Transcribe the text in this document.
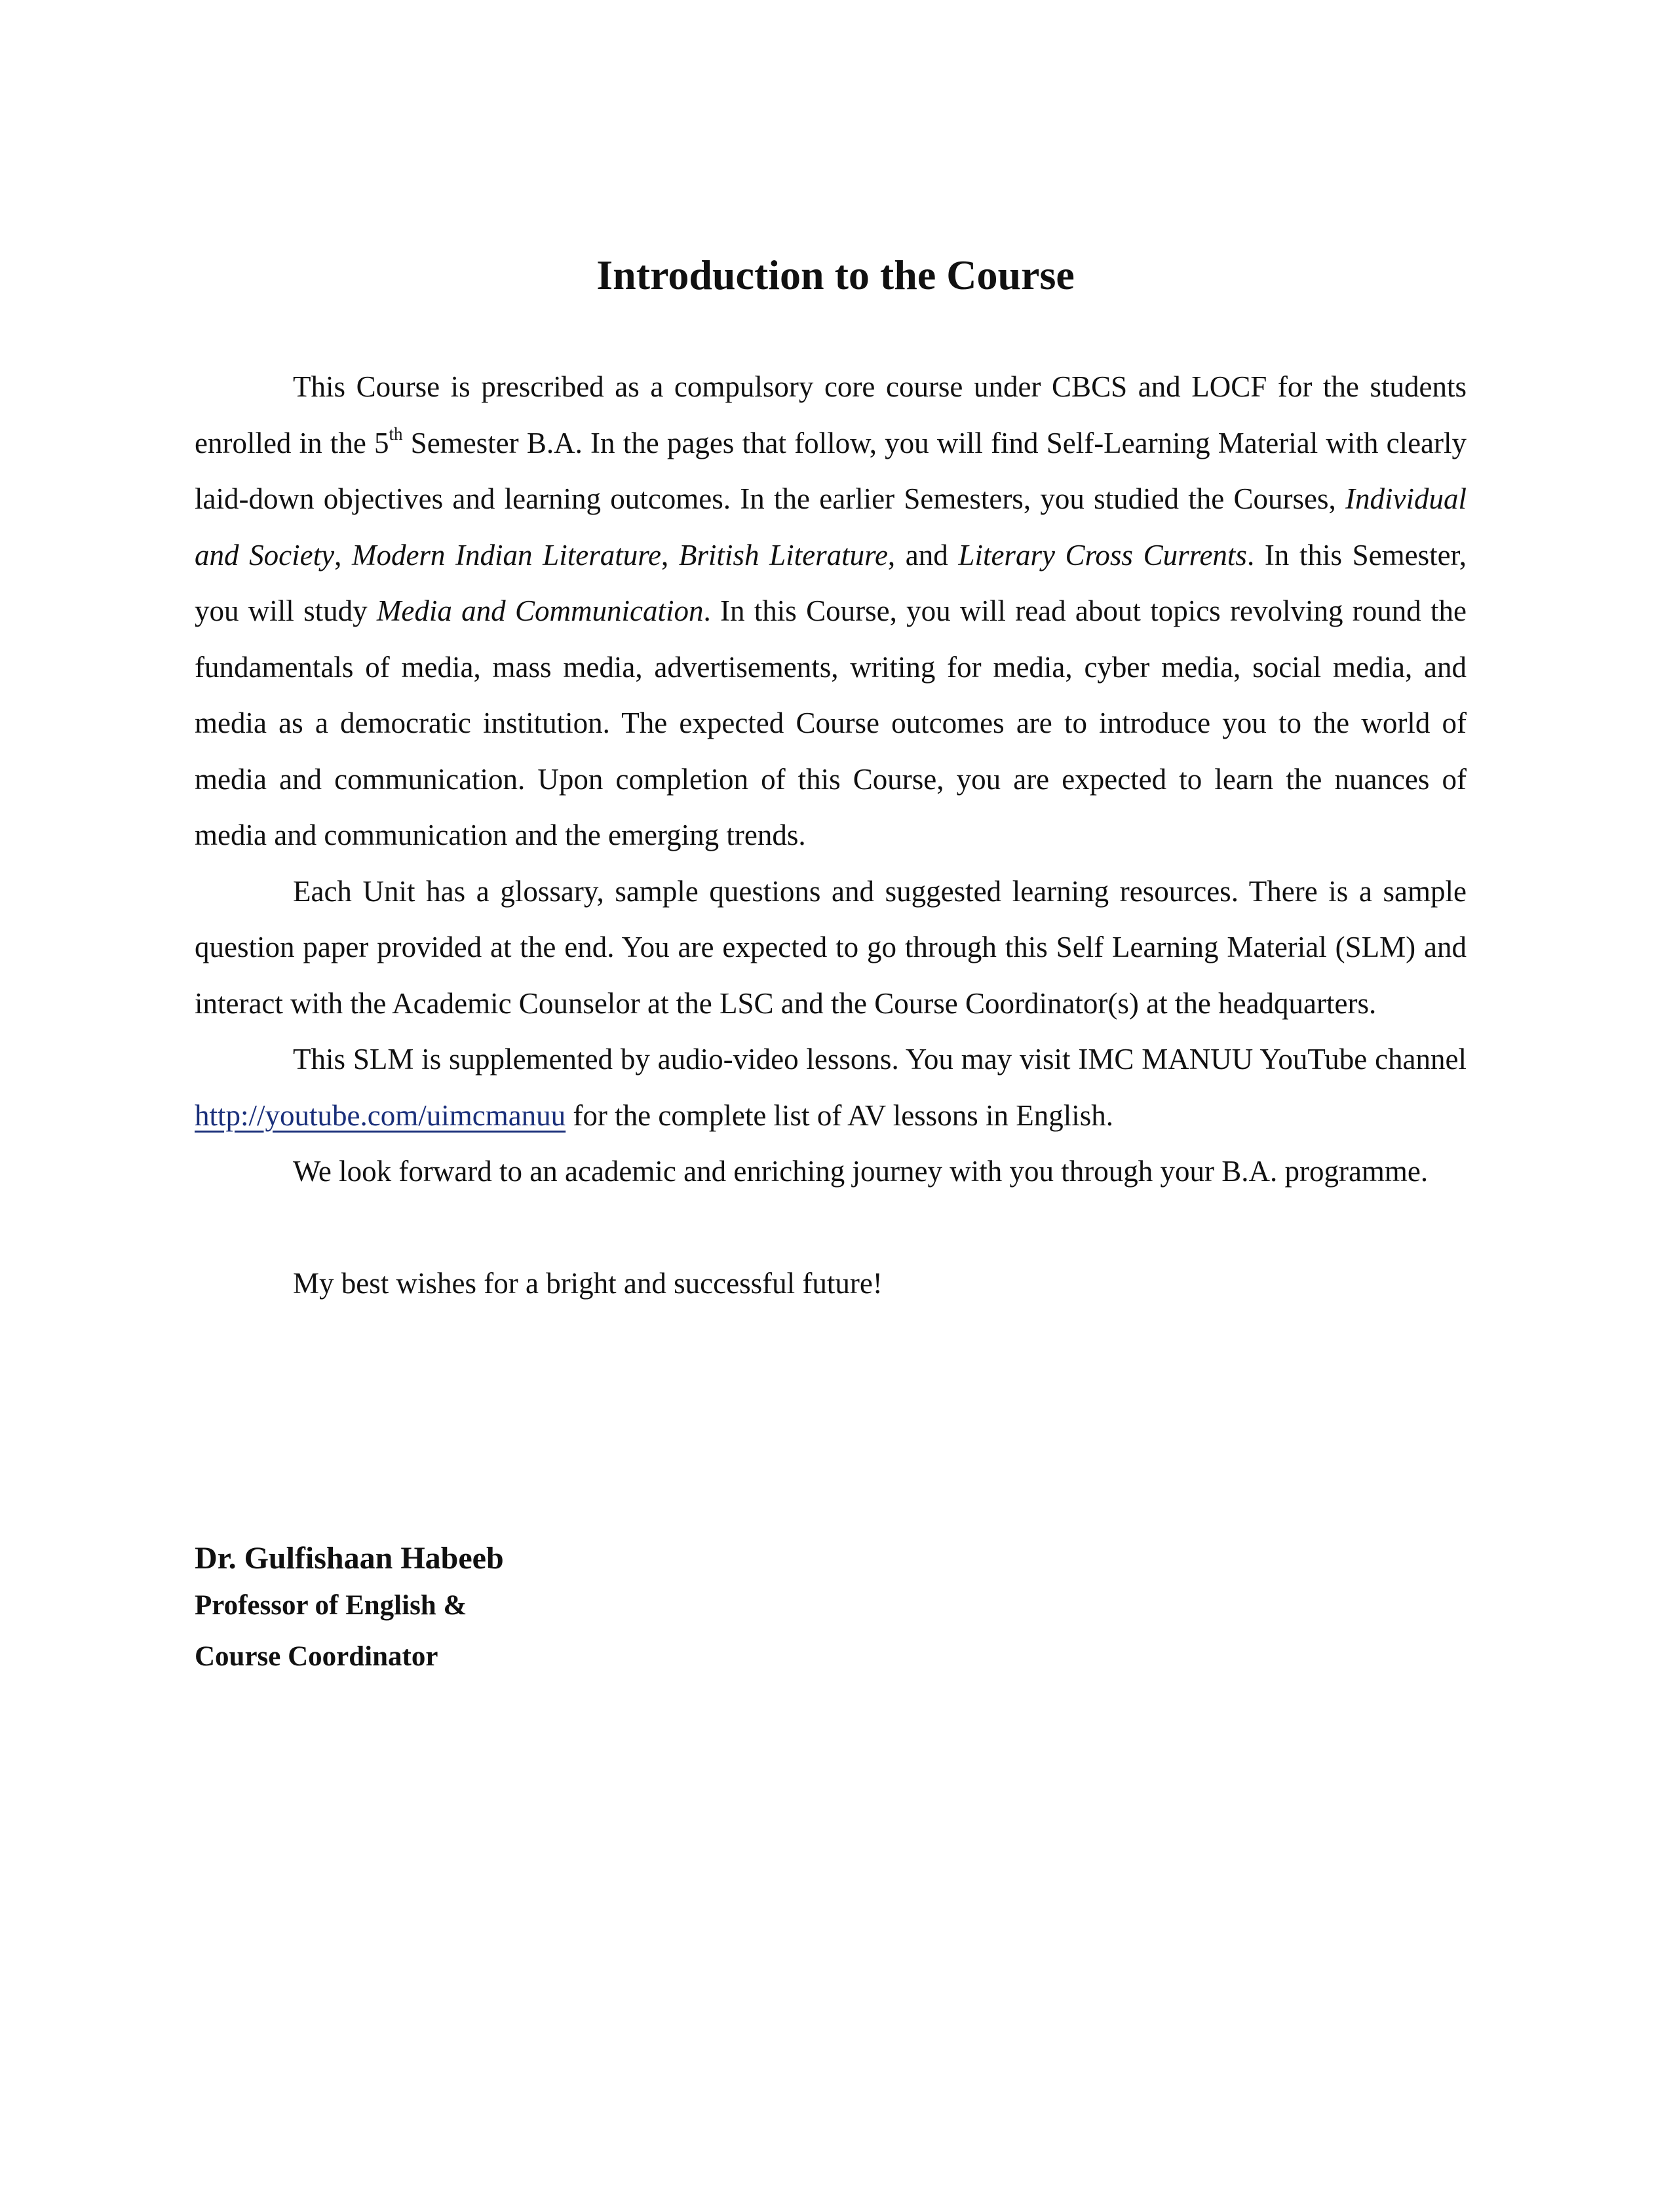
Introduction to the Course

This Course is prescribed as a compulsory core course under CBCS and LOCF for the students enrolled in the 5th Semester B.A. In the pages that follow, you will find Self-Learning Material with clearly laid-down objectives and learning outcomes. In the earlier Semesters, you studied the Courses, Individual and Society, Modern Indian Literature, British Literature, and Literary Cross Currents. In this Semester, you will study Media and Communication. In this Course, you will read about topics revolving round the fundamentals of media, mass media, advertisements, writing for media, cyber media, social media, and media as a democratic institution. The expected Course outcomes are to introduce you to the world of media and communication. Upon completion of this Course, you are expected to learn the nuances of media and communication and the emerging trends.

Each Unit has a glossary, sample questions and suggested learning resources. There is a sample question paper provided at the end. You are expected to go through this Self Learning Material (SLM) and interact with the Academic Counselor at the LSC and the Course Coordinator(s) at the headquarters.

This SLM is supplemented by audio-video lessons. You may visit IMC MANUU YouTube channel http://youtube.com/uimcmanuu for the complete list of AV lessons in English.

We look forward to an academic and enriching journey with you through your B.A. programme.

My best wishes for a bright and successful future!

Dr. Gulfishaan Habeeb

Professor of English &

Course Coordinator
